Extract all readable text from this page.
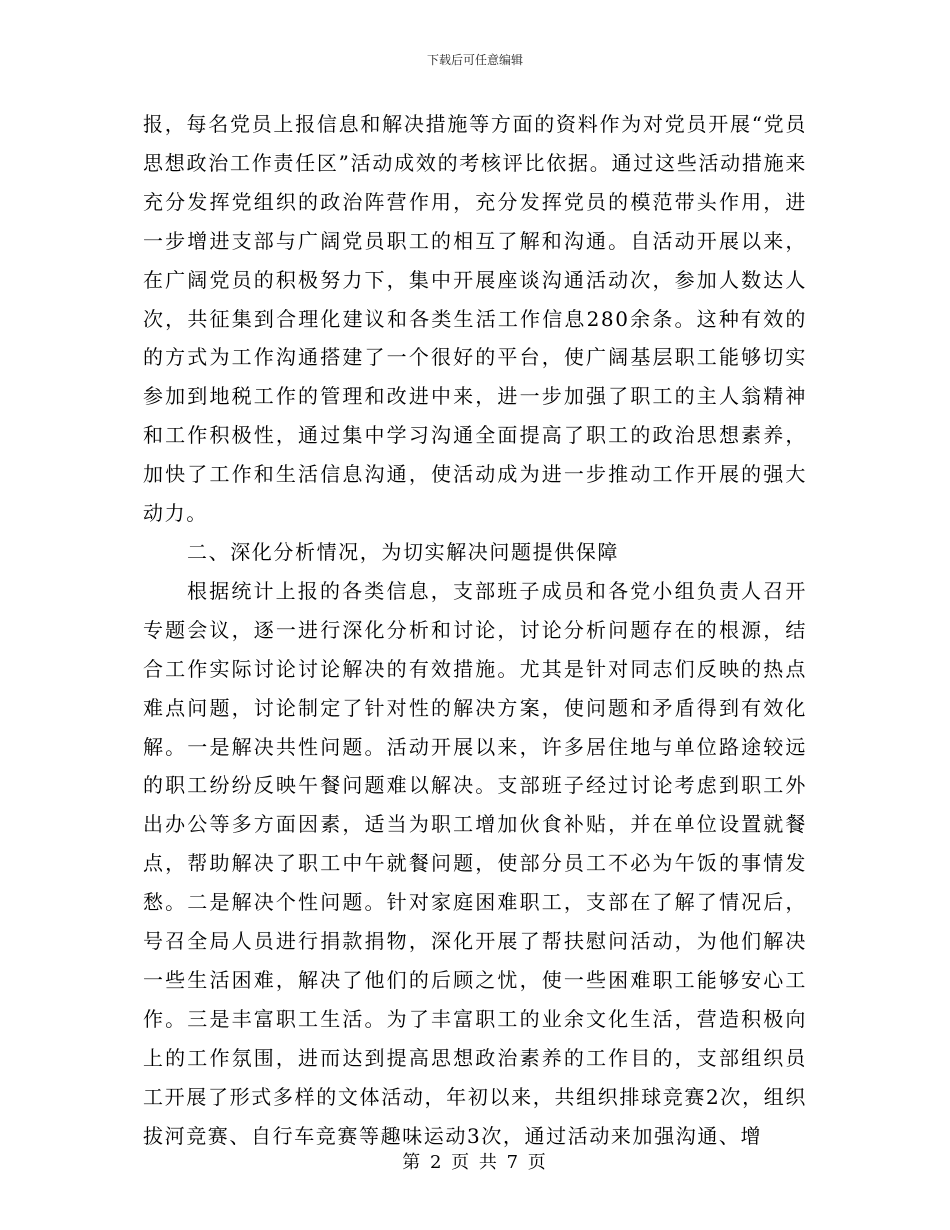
下载后可任意编辑

报，每名党员上报信息和解决措施等方面的资料作为对党员开展“党员思想政治工作责任区”活动成效的考核评比依据。通过这些活动措施来充分发挥党组织的政治阵营作用，充分发挥党员的模范带头作用，进一步增进支部与广阔党员职工的相互了解和沟通。自活动开展以来，在广阔党员的积极努力下，集中开展座谈沟通活动次，参加人数达人次，共征集到合理化建议和各类生活工作信息280余条。这种有效的的方式为工作沟通搭建了一个很好的平台，使广阔基层职工能够切实参加到地税工作的管理和改进中来，进一步加强了职工的主人翁精神和工作积极性，通过集中学习沟通全面提高了职工的政治思想素养，加快了工作和生活信息沟通，使活动成为进一步推动工作开展的强大动力。

二、深化分析情况，为切实解决问题提供保障

根据统计上报的各类信息，支部班子成员和各党小组负责人召开专题会议，逐一进行深化分析和讨论，讨论分析问题存在的根源，结合工作实际讨论讨论解决的有效措施。尤其是针对同志们反映的热点难点问题，讨论制定了针对性的解决方案，使问题和矛盾得到有效化解。一是解决共性问题。活动开展以来，许多居住地与单位路途较远的职工纷纷反映午餐问题难以解决。支部班子经过讨论考虑到职工外出办公等多方面因素，适当为职工增加伙食补贴，并在单位设置就餐点，帮助解决了职工中午就餐问题，使部分员工不必为午饭的事情发愁。二是解决个性问题。针对家庭困难职工，支部在了解了情况后，号召全局人员进行捐款捐物，深化开展了帮扶慰问活动，为他们解决一些生活困难，解决了他们的后顾之忧，使一些困难职工能够安心工作。三是丰富职工生活。为了丰富职工的业余文化生活，营造积极向上的工作氛围，进而达到提高思想政治素养的工作目的，支部组织员工开展了形式多样的文体活动，年初以来，共组织排球竞赛2次，组织拔河竞赛、自行车竞赛等趣味运动3次，通过活动来加强沟通、增

第 2 页 共 7 页
